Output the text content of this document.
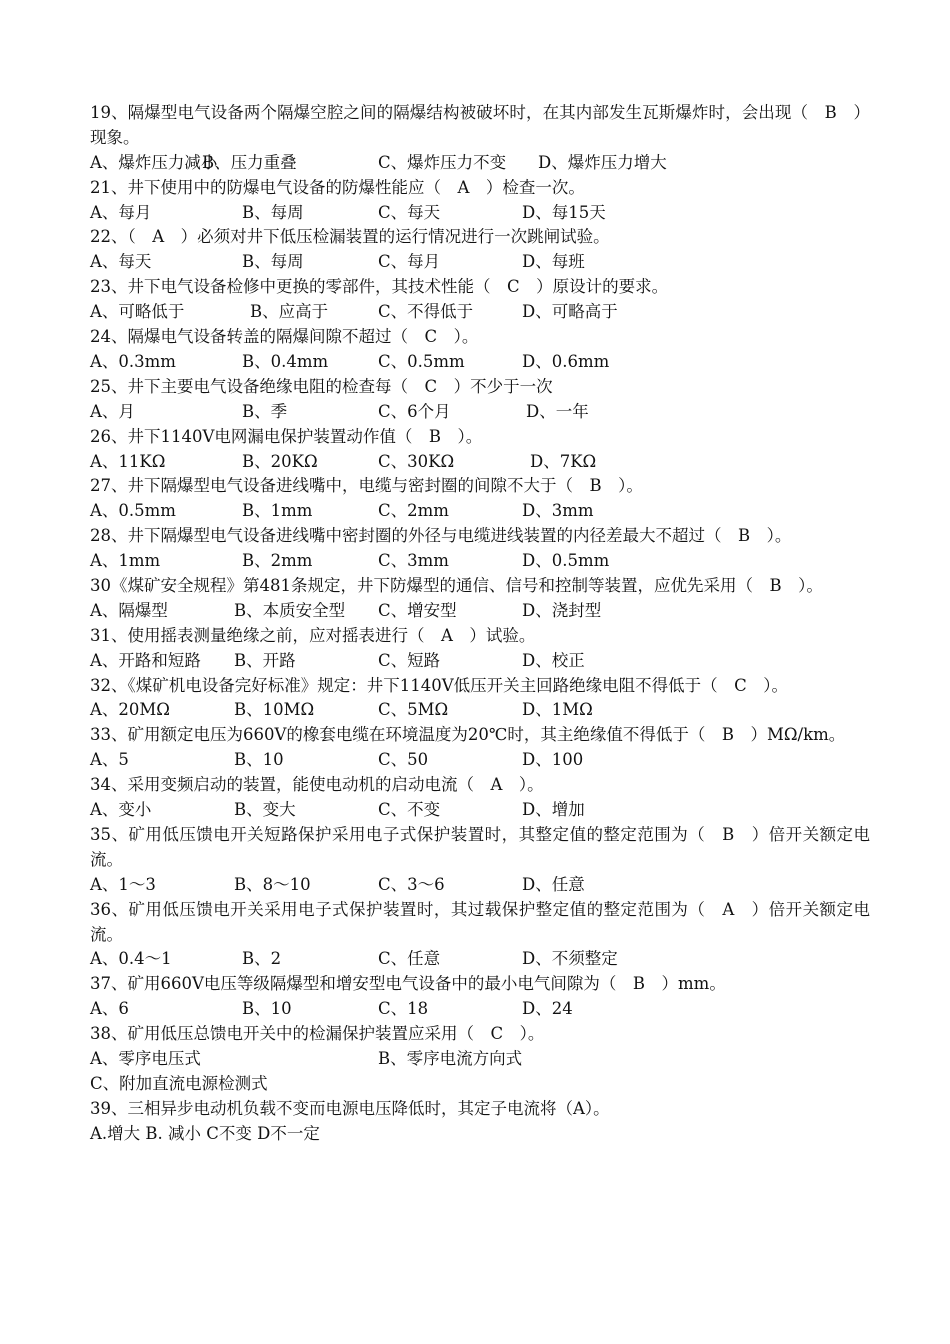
19、隔爆型电气设备两个隔爆空腔之间的隔爆结构被破坏时，在其内部发生瓦斯爆炸时，会出现（　B　）现象。
A、爆炸压力减小
B、压力重叠	C、爆炸压力不变 D、爆炸压力增大
21、井下使用中的防爆电气设备的防爆性能应（　A　）检查一次。
A、每月	B、每周	C、每天	D、每15天
22、（　A　）必须对井下低压检漏装置的运行情况进行一次跳闸试验。
A、每天	B、每周	C、每月	D、每班
23、井下电气设备检修中更换的零部件，其技术性能（　C　）原设计的要求。
A、可略低于	B、应高于	C、不得低于	D、可略高于
24、隔爆电气设备转盖的隔爆间隙不超过（　C　）。
A、0.3mm	B、0.4mm	C、0.5mm	D、0.6mm
25、井下主要电气设备绝缘电阻的检查每（　C　）不少于一次
A、月	B、季	C、6个月	D、一年
26、井下1140V电网漏电保护装置动作值（　B　）。
A、11KΩ	B、20KΩ	C、30KΩ	D、7KΩ
27、井下隔爆型电气设备进线嘴中，电缆与密封圈的间隙不大于（　B　）。
A、0.5mm	B、1mm	C、2mm	D、3mm
28、井下隔爆型电气设备进线嘴中密封圈的外径与电缆进线装置的内径差最大不超过（　B　）。
A、1mm	B、2mm	C、3mm	D、0.5mm
30《煤矿安全规程》第481条规定，井下防爆型的通信、信号和控制等装置，应优先采用（　B　）。
A、隔爆型	B、本质安全型 C、增安型	D、浇封型
31、使用摇表测量绝缘之前，应对摇表进行（　A　）试验。
A、开路和短路 B、开路	C、短路	D、校正
32、《煤矿机电设备完好标准》规定：井下1140V低压开关主回路绝缘电阻不得低于（　C　）。
A、20MΩ	B、10MΩ	C、5MΩ	D、1MΩ
33、矿用额定电压为660V的橡套电缆在环境温度为20℃时，其主绝缘值不得低于（　B　）MΩ/km。
A、5	B、10	C、50	D、100
34、采用变频启动的装置，能使电动机的启动电流（　A　）。
A、变小	B、变大	C、不变	D、增加
35、矿用低压馈电开关短路保护采用电子式保护装置时，其整定值的整定范围为（　B　）倍开关额定电流。
A、1～3	B、8～10	C、3～6	D、任意
36、矿用低压馈电开关采用电子式保护装置时，其过载保护整定值的整定范围为（　A　）倍开关额定电流。
A、0.4～1	B、2	C、任意	D、不须整定
37、矿用660V电压等级隔爆型和增安型电气设备中的最小电气间隙为（　B　）mm。
A、6	B、10	C、18	D、24
38、矿用低压总馈电开关中的检漏保护装置应采用（　C　）。
A、零序电压式	B、零序电流方向式
C、附加直流电源检测式
39、三相异步电动机负载不变而电源电压降低时，其定子电流将（A）。
A.增大 B. 减小 C不变 D不一定
